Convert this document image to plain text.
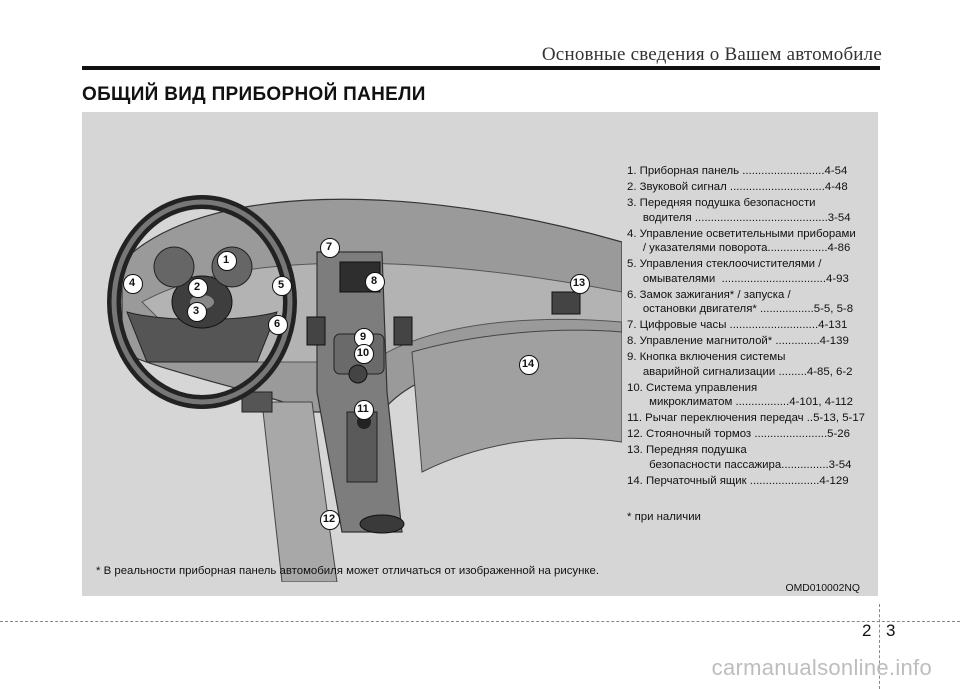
Основные сведения о Вашем автомобиле
ОБЩИЙ ВИД ПРИБОРНОЙ ПАНЕЛИ
1
2
3
4	5
6
7
8
9
10
11
12
13
14
1. Приборная панель ..........................4-54
2. Звуковой сигнал ..............................4-48
3. Передняя подушка безопасности
водителя ..........................................3-54
4. Управление осветительными приборами
/ указателями поворота...................4-86
5. Управления стеклоочистителями /
омывателями  .................................4-93
6. Замок зажигания* / запуска /
остановки двигателя* .................5-5, 5-8
7. Цифровые часы ............................4-131
8. Управление магнитолой* ..............4-139
9. Кнопка включения системы
аварийной сигнализации .........4-85, 6-2
10. Система управления
микроклиматом .................4-101, 4-112
11. Рычаг переключения передач ..5-13, 5-17
12. Стояночный тормоз .......................5-26
13. Передняя подушка
безопасности пассажира...............3-54
14. Перчаточный ящик ......................4-129
* при наличии
* В реальности приборная панель автомобиля может отличаться от изображенной на рисунке.
OMD010002NQ
2 3
carmanualsonline.info
